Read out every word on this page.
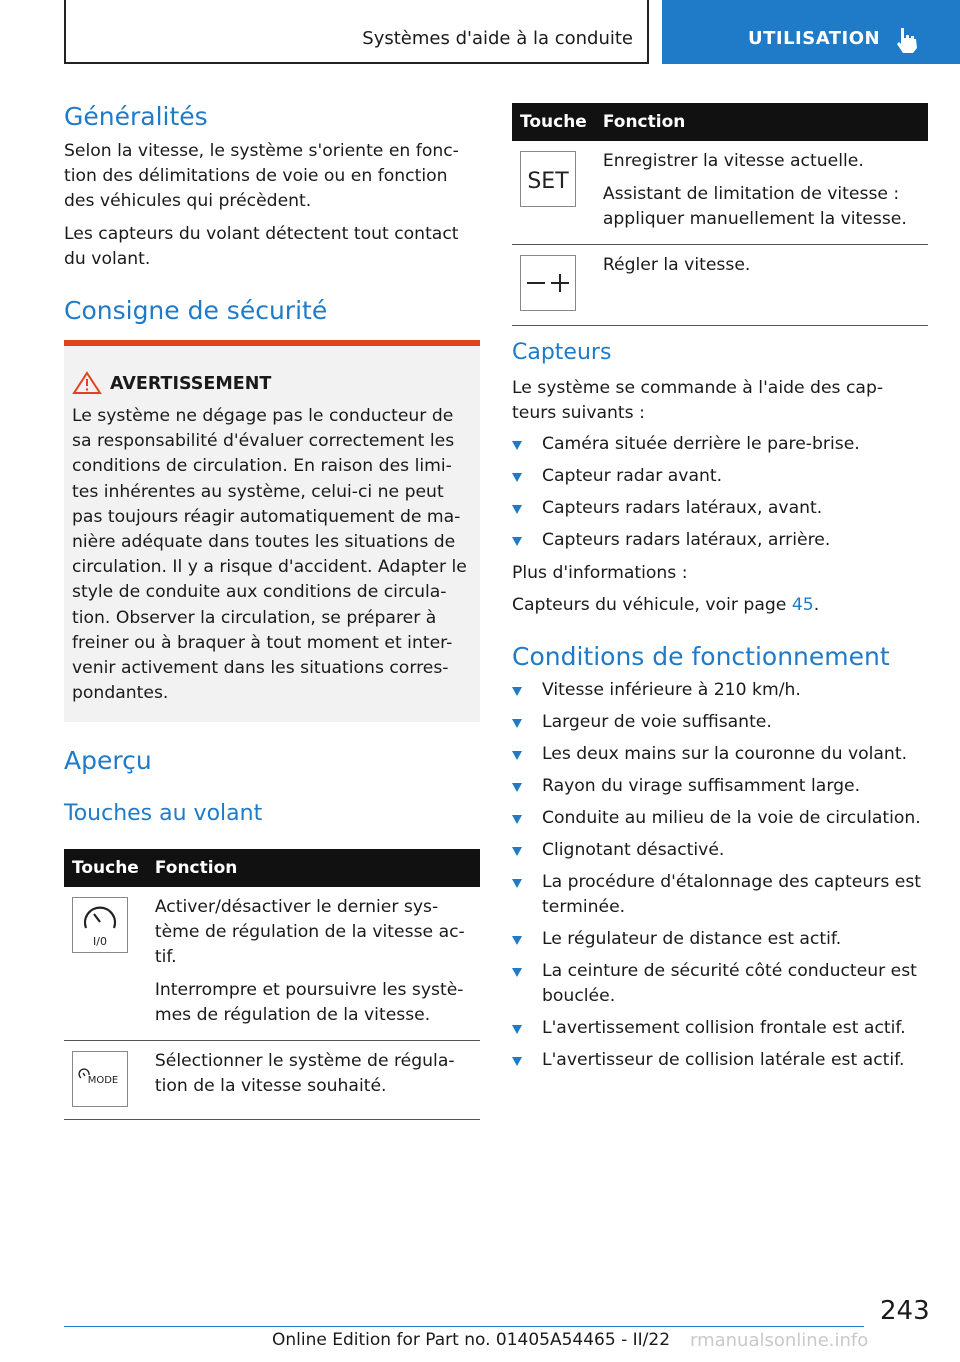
Systèmes d'aide à la conduite	UTILISATION
Généralités
Selon la vitesse, le système s'oriente en fonc-tion des délimitations de voie ou en fonction des véhicules qui précèdent.
Les capteurs du volant détectent tout contact du volant.
Consigne de sécurité
AVERTISSEMENT
Le système ne dégage pas le conducteur de sa responsabilité d'évaluer correctement les conditions de circulation. En raison des limi-tes inhérentes au système, celui-ci ne peut pas toujours réagir automatiquement de ma-nière adéquate dans toutes les situations de circulation. Il y a risque d'accident. Adapter le style de conduite aux conditions de circula-tion. Observer la circulation, se préparer à freiner ou à braquer à tout moment et inter-venir activement dans les situations corres-pondantes.
Aperçu
Touches au volant
Touche	Fonction

I/0	Activer/désactiver le dernier sys-tème de régulation de la vitesse ac-tif.

Interrompre et poursuivre les systè-mes de régulation de la vitesse.

MODE	Sélectionner le système de régula-tion de la vitesse souhaité.

Touche	Fonction

SET	Enregistrer la vitesse actuelle.

Assistant de limitation de vitesse : appliquer manuellement la vitesse.

Régler la vitesse.

Capteurs
Le système se commande à l'aide des cap-teurs suivants :
Caméra située derrière le pare-brise.
Capteur radar avant.
Capteurs radars latéraux, avant.
Capteurs radars latéraux, arrière.
Plus d'informations :
Capteurs du véhicule, voir page 45.
Conditions de fonctionnement
Vitesse inférieure à 210 km/h.
Largeur de voie suffisante.
Les deux mains sur la couronne du volant.
Rayon du virage suffisamment large.
Conduite au milieu de la voie de circulation.
Clignotant désactivé.
La procédure d'étalonnage des capteurs est terminée.
Le régulateur de distance est actif.
La ceinture de sécurité côté conducteur est bouclée.
L'avertissement collision frontale est actif.
L'avertisseur de collision latérale est actif.
243
Online Edition for Part no. 01405A54465 - II/22 rmanualsonline.info
